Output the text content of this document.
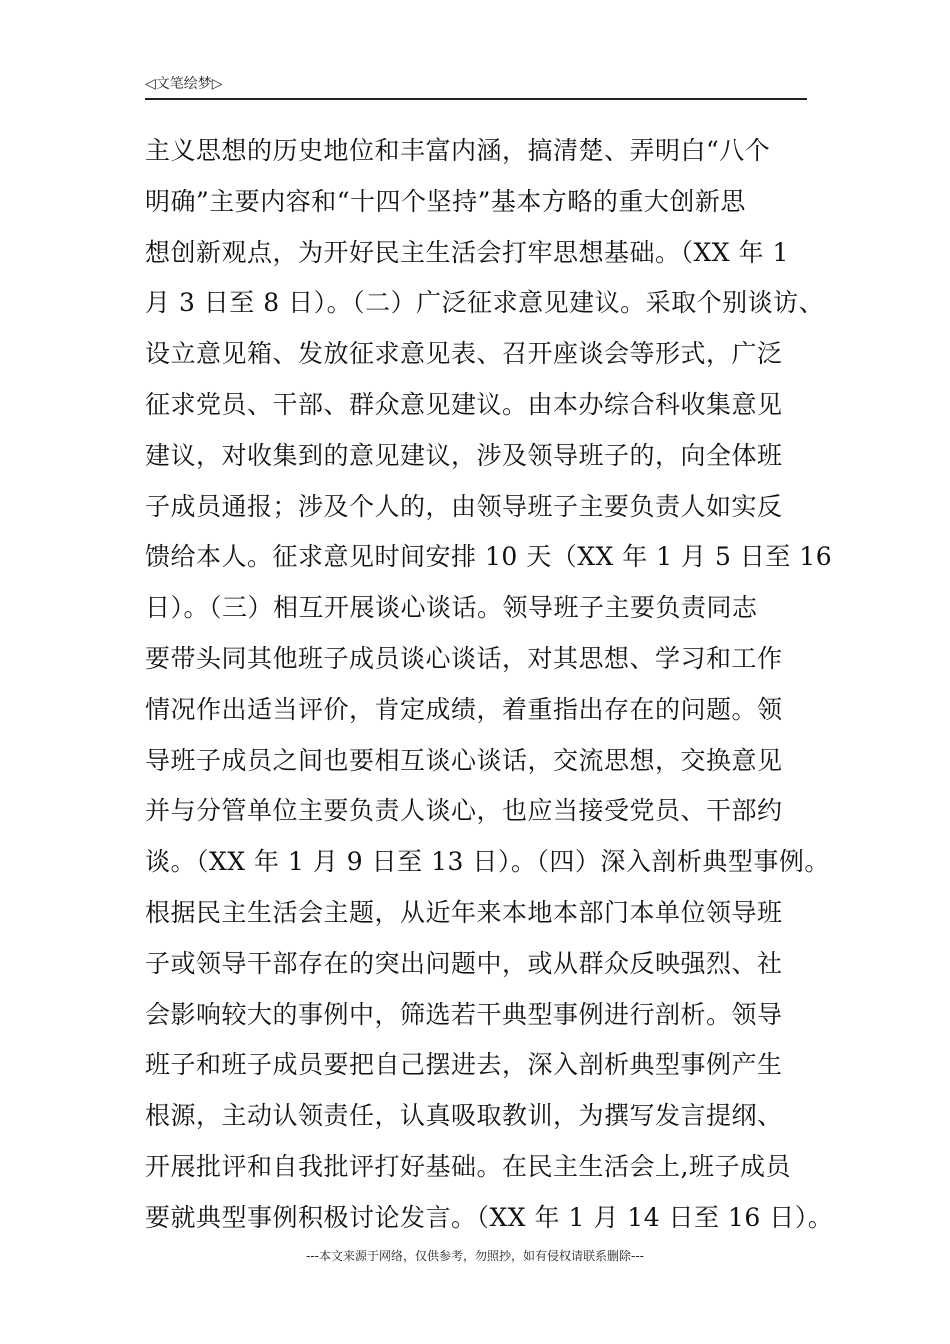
◁文笔绘梦▷
主义思想的历史地位和丰富内涵，搞清楚、弄明白“八个
明确”主要内容和“十四个坚持”基本方略的重大创新思
想创新观点，为开好民主生活会打牢思想基础。（XX 年 1
月 3 日至 8 日）。（二）广泛征求意见建议。采取个别谈访、
设立意见箱、发放征求意见表、召开座谈会等形式，广泛
征求党员、干部、群众意见建议。由本办综合科收集意见
建议，对收集到的意见建议，涉及领导班子的，向全体班
子成员通报；涉及个人的，由领导班子主要负责人如实反
馈给本人。征求意见时间安排 10 天（XX 年 1 月 5 日至 16
日）。（三）相互开展谈心谈话。领导班子主要负责同志
要带头同其他班子成员谈心谈话，对其思想、学习和工作
情况作出适当评价，肯定成绩，着重指出存在的问题。领
导班子成员之间也要相互谈心谈话，交流思想，交换意见
并与分管单位主要负责人谈心，也应当接受党员、干部约
谈。（XX 年 1 月 9 日至 13 日）。（四）深入剖析典型事例。
根据民主生活会主题，从近年来本地本部门本单位领导班
子或领导干部存在的突出问题中，或从群众反映强烈、社
会影响较大的事例中，筛选若干典型事例进行剖析。领导
班子和班子成员要把自己摆进去，深入剖析典型事例产生
根源，主动认领责任，认真吸取教训，为撰写发言提纲、
开展批评和自我批评打好基础。在民主生活会上,班子成员
要就典型事例积极讨论发言。（XX 年 1 月 14 日至 16 日）。
---本文来源于网络，仅供参考，勿照抄，如有侵权请联系删除---
